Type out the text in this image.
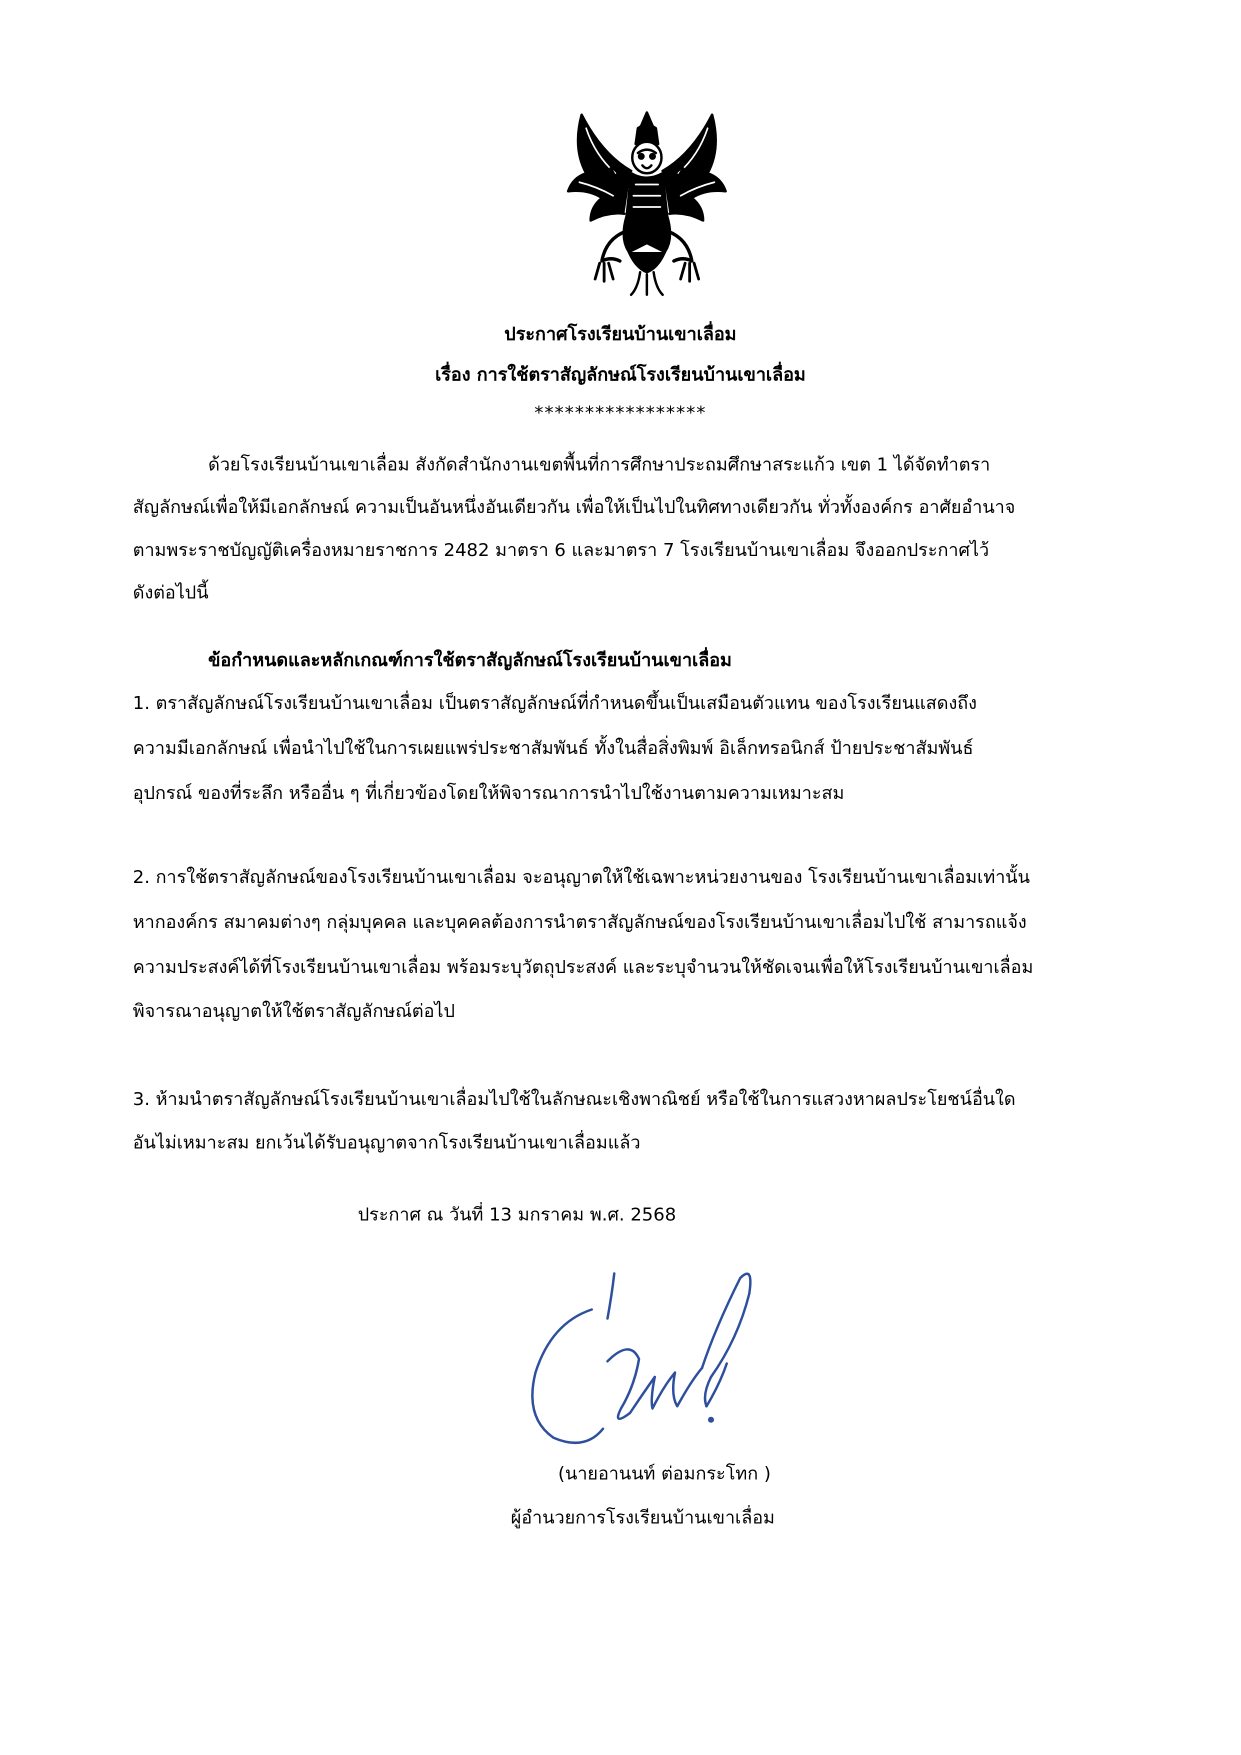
ประกาศโรงเรียนบ้านเขาเลื่อม
เรื่อง การใช้ตราสัญลักษณ์โรงเรียนบ้านเขาเลื่อม
*****************
ด้วยโรงเรียนบ้านเขาเลื่อม สังกัดสำนักงานเขตพื้นที่การศึกษาประถมศึกษาสระแก้ว เขต 1 ได้จัดทำตรา
สัญลักษณ์เพื่อให้มีเอกลักษณ์ ความเป็นอันหนึ่งอันเดียวกัน เพื่อให้เป็นไปในทิศทางเดียวกัน ทั่วทั้งองค์กร อาศัยอำนาจ
ตามพระราชบัญญัติเครื่องหมายราชการ 2482 มาตรา 6 และมาตรา 7 โรงเรียนบ้านเขาเลื่อม จึงออกประกาศไว้
ดังต่อไปนี้
ข้อกำหนดและหลักเกณฑ์การใช้ตราสัญลักษณ์โรงเรียนบ้านเขาเลื่อม
1. ตราสัญลักษณ์โรงเรียนบ้านเขาเลื่อม เป็นตราสัญลักษณ์ที่กำหนดขึ้นเป็นเสมือนตัวแทน ของโรงเรียนแสดงถึง
ความมีเอกลักษณ์ เพื่อนำไปใช้ในการเผยแพร่ประชาสัมพันธ์ ทั้งในสื่อสิ่งพิมพ์ อิเล็กทรอนิกส์ ป้ายประชาสัมพันธ์
อุปกรณ์ ของที่ระลึก หรืออื่น ๆ ที่เกี่ยวข้องโดยให้พิจารณาการนำไปใช้งานตามความเหมาะสม
2. การใช้ตราสัญลักษณ์ของโรงเรียนบ้านเขาเลื่อม จะอนุญาตให้ใช้เฉพาะหน่วยงานของ โรงเรียนบ้านเขาเลื่อมเท่านั้น
หากองค์กร สมาคมต่างๆ กลุ่มบุคคล และบุคคลต้องการนำตราสัญลักษณ์ของโรงเรียนบ้านเขาเลื่อมไปใช้ สามารถแจ้ง
ความประสงค์ได้ที่โรงเรียนบ้านเขาเลื่อม พร้อมระบุวัตถุประสงค์ และระบุจำนวนให้ชัดเจนเพื่อให้โรงเรียนบ้านเขาเลื่อม
พิจารณาอนุญาตให้ใช้ตราสัญลักษณ์ต่อไป
3. ห้ามนำตราสัญลักษณ์โรงเรียนบ้านเขาเลื่อมไปใช้ในลักษณะเชิงพาณิชย์ หรือใช้ในการแสวงหาผลประโยชน์อื่นใด
อันไม่เหมาะสม ยกเว้นได้รับอนุญาตจากโรงเรียนบ้านเขาเลื่อมแล้ว
ประกาศ ณ วันที่ 13 มกราคม พ.ศ. 2568
(นายอานนท์ ต่อมกระโทก )
ผู้อำนวยการโรงเรียนบ้านเขาเลื่อม
